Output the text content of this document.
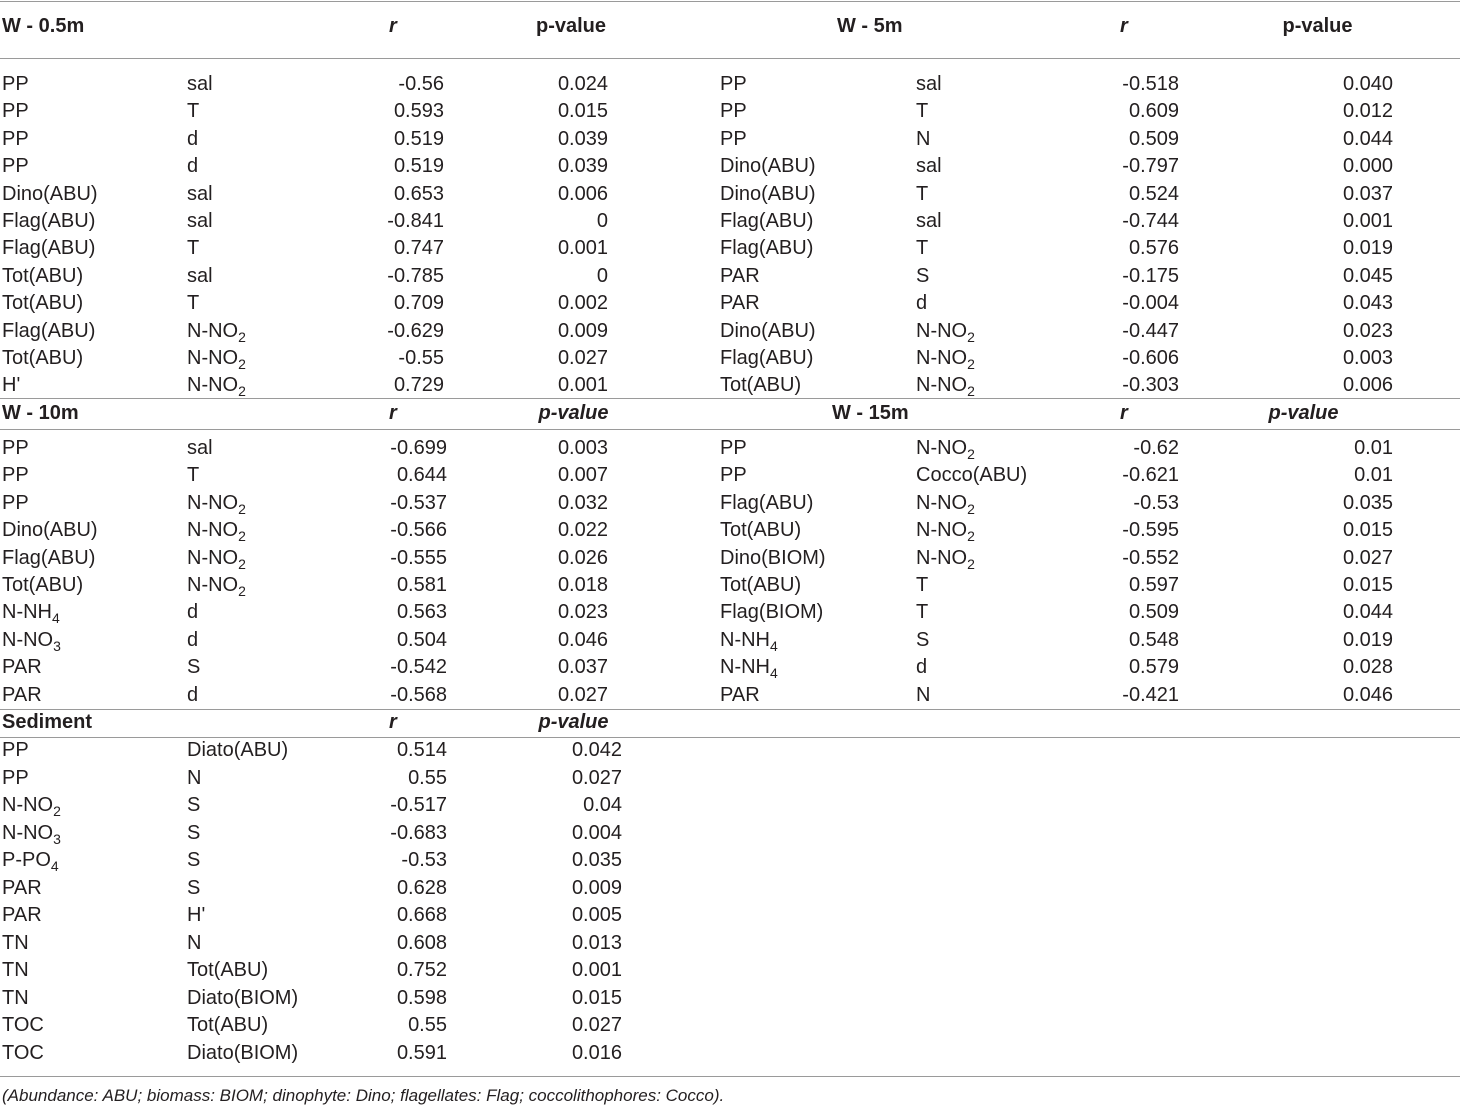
W - 0.5m	r	p-value
PP	sal	-0.56	0.024
PP	T	0.593	0.015
PP	d	0.519	0.039
PP	d	0.519	0.039
Dino(ABU)	sal	0.653	0.006
Flag(ABU)	sal	-0.841	0
Flag(ABU)	T	0.747	0.001
Tot(ABU)	sal	-0.785	0
Tot(ABU)	T	0.709	0.002
Flag(ABU)	$N-NO_2$	-0.629	0.009
Tot(ABU)	$N-NO_2$	-0.55	0.027
H'	$N-NO_2$	0.729	0.001
W - 5m	r	p-value
PP	sal	-0.518	0.040
PP	T	0.609	0.012
PP	N	0.509	0.044
Dino(ABU)	sal	-0.797	0.000
Dino(ABU)	T	0.524	0.037
Flag(ABU)	sal	-0.744	0.001
Flag(ABU)	T	0.576	0.019
PAR	S	-0.175	0.045
PAR	d	-0.004	0.043
Dino(ABU)	$N-NO_2$	-0.447	0.023
Flag(ABU)	$N-NO_2$	-0.606	0.003
Tot(ABU)	$N-NO_2$	-0.303	0.006
W - 10m	r	p-value
PP	sal	-0.699	0.003
PP	T	0.644	0.007
PP	$N-NO_2$	-0.537	0.032
Dino(ABU)	$N-NO_2$	-0.566	0.022
Flag(ABU)	$N-NO_2$	-0.555	0.026
Tot(ABU)	$N-NO_2$	0.581	0.018
$N-NH_4$	d	0.563	0.023
$N-NO_3$	d	0.504	0.046
PAR	S	-0.542	0.037
PAR	d	-0.568	0.027
W - 15m	r	p-value
PP	$N-NO_2$	-0.62	0.01
PP	Cocco(ABU)	-0.621	0.01
Flag(ABU)	$N-NO_2$	-0.53	0.035
Tot(ABU)	$N-NO_2$	-0.595	0.015
Dino(BIOM)	$N-NO_2$	-0.552	0.027
Tot(ABU)	T	0.597	0.015
Flag(BIOM)	T	0.509	0.044
$N-NH_4$	S	0.548	0.019
$N-NH_4$	d	0.579	0.028
PAR	N	-0.421	0.046
Sediment	r	p-value
PP	Diato(ABU)	0.514	0.042
PP	N	0.55	0.027
$N-NO_2$	S	-0.517	0.04
$N-NO_3$	S	-0.683	0.004
$P-PO_4$	S	-0.53	0.035
PAR	S	0.628	0.009
PAR	H'	0.668	0.005
TN	N	0.608	0.013
TN	Tot(ABU)	0.752	0.001
TN	Diato(BIOM)	0.598	0.015
TOC	Tot(ABU)	0.55	0.027
TOC	Diato(BIOM)	0.591	0.016
(Abundance: ABU; biomass: BIOM; dinophyte: Dino; flagellates: Flag; coccolithophores: Cocco).
